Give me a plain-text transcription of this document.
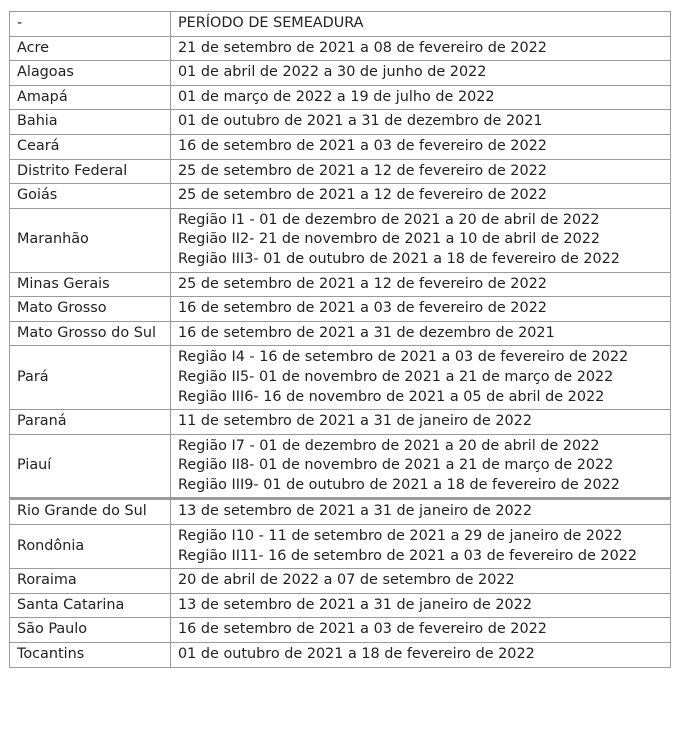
-	PERÍODO DE SEMEADURA
Acre	21 de setembro de 2021 a 08 de fevereiro de 2022
Alagoas	01 de abril de 2022 a 30 de junho de 2022
Amapá	01 de março de 2022 a 19 de julho de 2022
Bahia	01 de outubro de 2021 a 31 de dezembro de 2021
Ceará	16 de setembro de 2021 a 03 de fevereiro de 2022
Distrito Federal	25 de setembro de 2021 a 12 de fevereiro de 2022
Goiás	25 de setembro de 2021 a 12 de fevereiro de 2022
Maranhão	Região I1 - 01 de dezembro de 2021 a 20 de abril de 2022
Região II2- 21 de novembro de 2021 a 10 de abril de 2022
Região III3- 01 de outubro de 2021 a 18 de fevereiro de 2022

Minas Gerais	25 de setembro de 2021 a 12 de fevereiro de 2022
Mato Grosso	16 de setembro de 2021 a 03 de fevereiro de 2022
Mato Grosso do Sul	16 de setembro de 2021 a 31 de dezembro de 2021
Pará	Região I4 - 16 de setembro de 2021 a 03 de fevereiro de 2022
Região II5- 01 de novembro de 2021 a 21 de março de 2022
Região III6- 16 de novembro de 2021 a 05 de abril de 2022

Paraná	11 de setembro de 2021 a 31 de janeiro de 2022
Piauí	Região I7 - 01 de dezembro de 2021 a 20 de abril de 2022
Região II8- 01 de novembro de 2021 a 21 de março de 2022
Região III9- 01 de outubro de 2021 a 18 de fevereiro de 2022

Rio Grande do Sul	13 de setembro de 2021 a 31 de janeiro de 2022
Rondônia	Região I10 - 11 de setembro de 2021 a 29 de janeiro de 2022
Região II11- 16 de setembro de 2021 a 03 de fevereiro de 2022

Roraima	20 de abril de 2022 a 07 de setembro de 2022
Santa Catarina	13 de setembro de 2021 a 31 de janeiro de 2022
São Paulo	16 de setembro de 2021 a 03 de fevereiro de 2022
Tocantins	01 de outubro de 2021 a 18 de fevereiro de 2022
